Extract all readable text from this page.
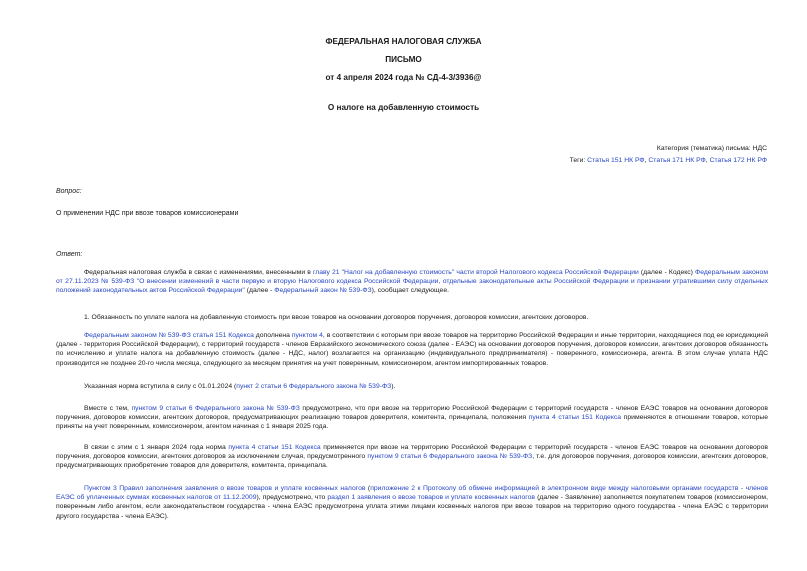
ФЕДЕРАЛЬНАЯ НАЛОГОВАЯ СЛУЖБА
ПИСЬМО
от 4 апреля 2024 года № СД-4-3/3936@
О налоге на добавленную стоимость
Категория (тематика) письма: НДС
Теги: Статья 151 НК РФ, Статья 171 НК РФ, Статья 172 НК РФ
Вопрос:
О применении НДС при ввозе товаров комиссионерами
Ответ:
Федеральная налоговая служба в связи с изменениями, внесенными в главу 21 "Налог на добавленную стоимость" части второй Налогового кодекса Российской Федерации (далее - Кодекс) Федеральным законом от 27.11.2023 № 539-ФЗ "О внесении изменений в части первую и вторую Налогового кодекса Российской Федерации, отдельные законодательные акты Российской Федерации и признании утратившими силу отдельных положений законодательных актов Российской Федерации" (далее - Федеральный закон № 539-ФЗ), сообщает следующее.
1. Обязанность по уплате налога на добавленную стоимость при ввозе товаров на основании договоров поручения, договоров комиссии, агентских договоров.
Федеральным законом № 539-ФЗ статья 151 Кодекса дополнена пунктом 4, в соответствии с которым при ввозе товаров на территорию Российской Федерации и иные территории, находящиеся под ее юрисдикцией (далее - территория Российской Федерации), с территорий государств - членов Евразийского экономического союза (далее - ЕАЭС) на основании договоров поручения, договоров комиссии, агентских договоров обязанность по исчислению и уплате налога на добавленную стоимость (далее - НДС, налог) возлагается на организацию (индивидуального предпринимателя) - поверенного, комиссионера, агента. В этом случае уплата НДС производится не позднее 20-го числа месяца, следующего за месяцем принятия на учет поверенным, комиссионером, агентом импортированных товаров.
Указанная норма вступила в силу с 01.01.2024 (пункт 2 статьи 6 Федерального закона № 539-ФЗ).
Вместе с тем, пунктом 9 статьи 6 Федерального закона № 539-ФЗ предусмотрено, что при ввозе на территорию Российской Федерации с территорий государств - членов ЕАЭС товаров на основании договоров поручения, договоров комиссии, агентских договоров, предусматривающих реализацию товаров доверителя, комитента, принципала, положения пункта 4 статьи 151 Кодекса применяются в отношении товаров, которые приняты на учет поверенным, комиссионером, агентом начиная с 1 января 2025 года.
В связи с этим с 1 января 2024 года норма пункта 4 статьи 151 Кодекса применяется при ввозе на территорию Российской Федерации с территорий государств - членов ЕАЭС товаров на основании договоров поручения, договоров комиссии, агентских договоров за исключением случая, предусмотренного пунктом 9 статьи 6 Федерального закона № 539-ФЗ, т.е. для договоров поручения, договоров комиссии, агентских договоров, предусматривающих приобретение товаров для доверителя, комитента, принципала.
Пунктом 3 Правил заполнения заявления о ввозе товаров и уплате косвенных налогов (приложение 2 к Протоколу об обмене информацией в электронном виде между налоговыми органами государств - членов ЕАЭС об уплаченных суммах косвенных налогов от 11.12.2009), предусмотрено, что раздел 1 заявления о ввозе товаров и уплате косвенных налогов (далее - Заявление) заполняется покупателем товаров (комиссионером, поверенным либо агентом, если законодательством государства - члена ЕАЭС предусмотрена уплата этими лицами косвенных налогов при ввозе товаров на территорию одного государства - члена ЕАЭС с территории другого государства - члена ЕАЭС).
